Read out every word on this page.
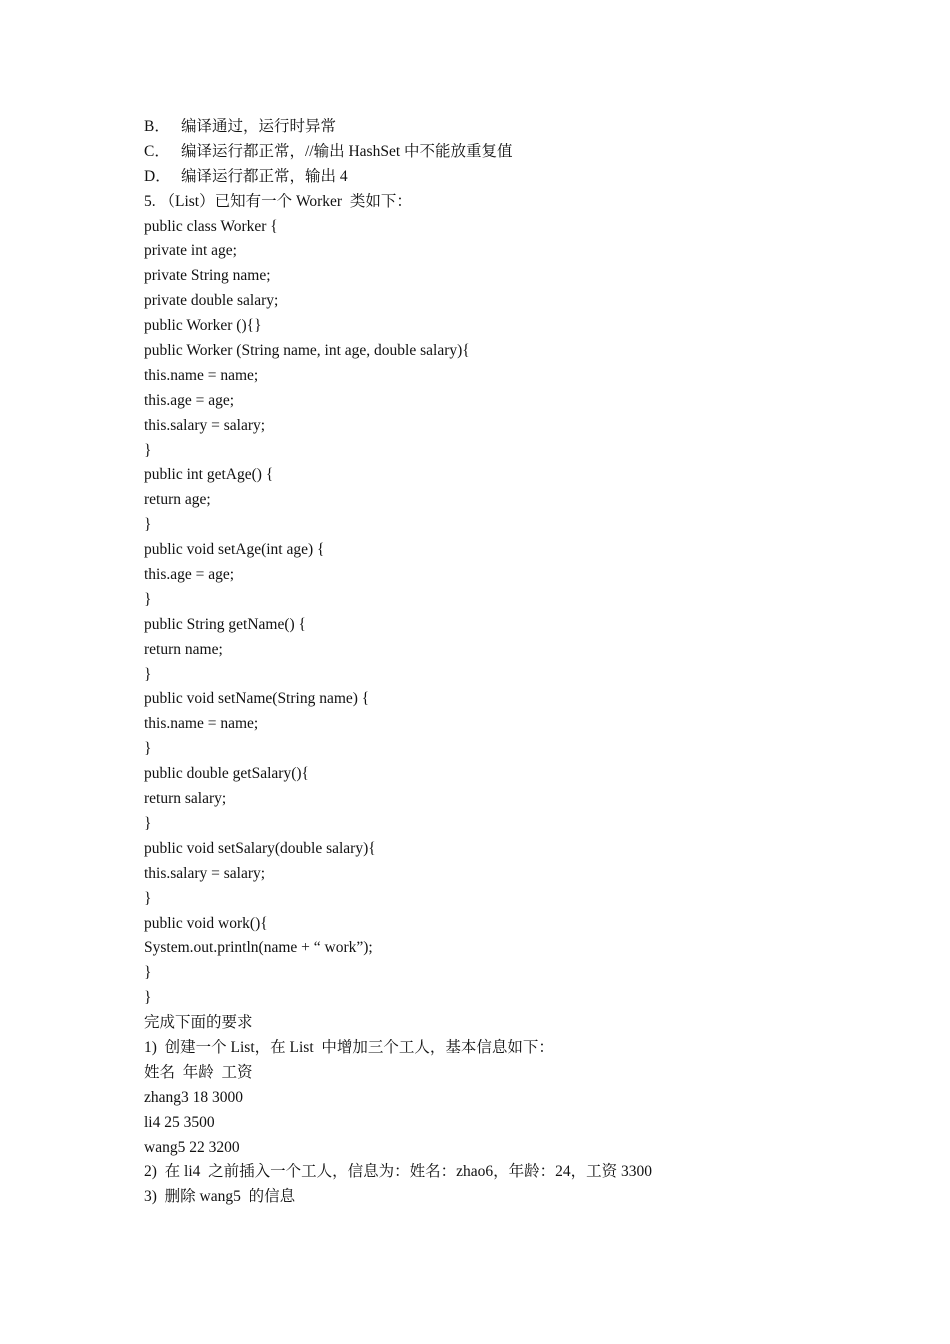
B． 编译通过，运行时异常
C． 编译运行都正常，//输出 HashSet 中不能放重复值
D． 编译运行都正常，输出 4
5. （List）已知有一个 Worker  类如下：
public class Worker {
private int age;
private String name;
private double salary;
public Worker (){}
public Worker (String name, int age, double salary){
this.name = name;
this.age = age;
this.salary = salary;
}
public int getAge() {
return age;
}
public void setAge(int age) {
this.age = age;
}
public String getName() {
return name;
}
public void setName(String name) {
this.name = name;
}
public double getSalary(){
return salary;
}
public void setSalary(double salary){
this.salary = salary;
}
public void work(){
System.out.println(name + “ work”);
}
}
完成下面的要求
1)  创建一个 List，在 List  中增加三个工人，基本信息如下：
姓名  年龄  工资
zhang3 18 3000
li4 25 3500
wang5 22 3200
2)  在 li4  之前插入一个工人，信息为：姓名：zhao6，年龄：24，工资 3300
3)  删除 wang5  的信息
